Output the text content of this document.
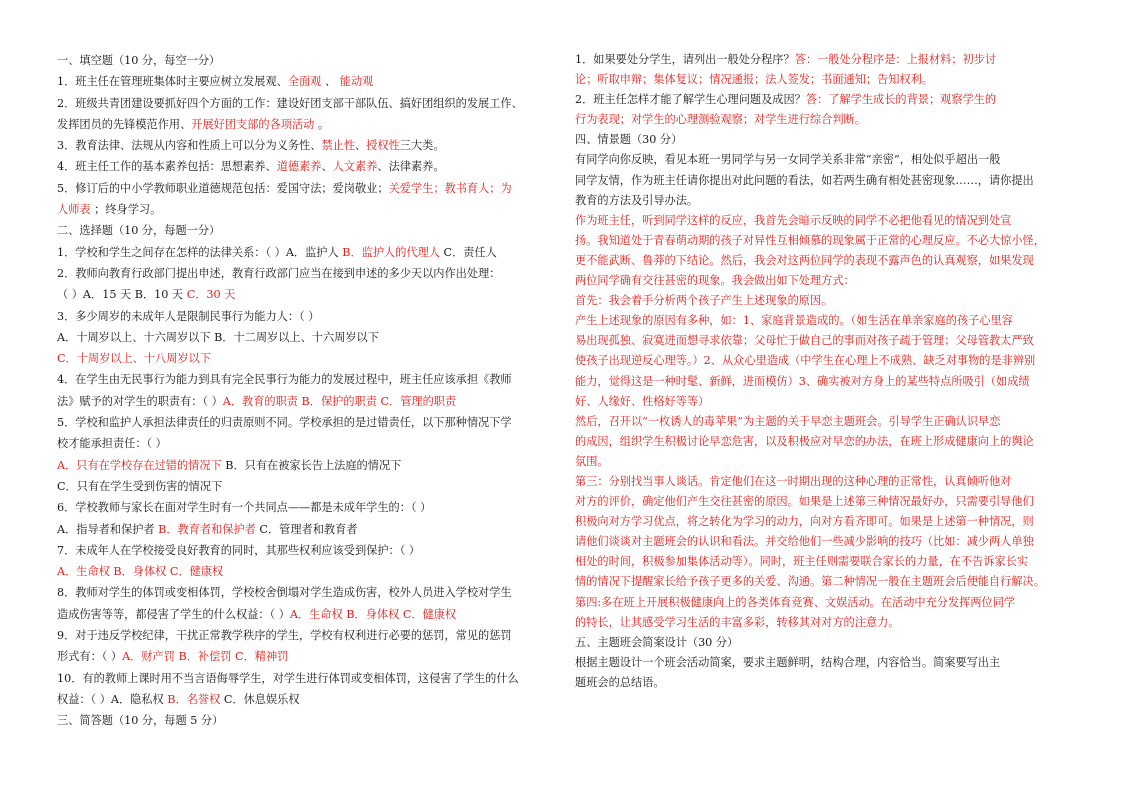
一、填空题（10 分，每空一分）
1．班主任在管理班集体时主要应树立发展观、全面观 、 能动观
2．班级共青团建设要抓好四个方面的工作：建设好团支部干部队伍、搞好团组织的发展工作、
发挥团员的先锋模范作用、开展好团支部的各项活动 。
3．教育法律、法规从内容和性质上可以分为义务性、禁止性、授权性三大类。
4．班主任工作的基本素养包括：思想素养、道德素养、人文素养、法律素养。
5．修订后的中小学教师职业道德规范包括：爱国守法；爱岗敬业；关爱学生；教书育人；为
人师表 ；终身学习。
二、选择题（10 分，每题一分）
1．学校和学生之间存在怎样的法律关系：（ ）A．监护人 B．监护人的代理人 C．责任人
2．教师向教育行政部门提出申述，教育行政部门应当在接到申述的多少天以内作出处理：
（ ）A．15 天 B．10 天 C．30 天
3．多少周岁的未成年人是限制民事行为能力人：（ ）
A．十周岁以上、十六周岁以下 B．十二周岁以上、十六周岁以下
C．十周岁以上、十八周岁以下
4．在学生由无民事行为能力到具有完全民事行为能力的发展过程中，班主任应该承担《教师
法》赋予的对学生的职责有：（ ）A．教育的职责 B．保护的职责 C．管理的职责
5．学校和监护人承担法律责任的归责原则不同。学校承担的是过错责任，以下那种情况下学
校才能承担责任：（ ）
A．只有在学校存在过错的情况下 B．只有在被家长告上法庭的情况下
C．只有在学生受到伤害的情况下
6．学校教师与家长在面对学生时有一个共同点——都是未成年学生的：（ ）
A．指导者和保护者 B．教育者和保护者 C．管理者和教育者
7．未成年人在学校接受良好教育的同时，其那些权利应该受到保护：（ ）
A．生命权 B．身体权 C．健康权
8．教师对学生的体罚或变相体罚，学校校舍倒塌对学生造成伤害，校外人员进入学校对学生
造成伤害等等，都侵害了学生的什么权益：（ ）A．生命权 B．身体权 C．健康权
9．对于违反学校纪律，干扰正常教学秩序的学生，学校有权利进行必要的惩罚，常见的惩罚
形式有：（ ）A．财产罚 B．补偿罚 C．精神罚
10．有的教师上课时用不当言语侮辱学生，对学生进行体罚或变相体罚，这侵害了学生的什么
权益：（ ）A．隐私权 B．名誉权 C．休息娱乐权
三、简答题（10 分，每题 5 分）
1．如果要处分学生，请列出一般处分程序？答：一般处分程序是：上报材料；初步讨
论；听取申辩；集体复议；情况通报；法人签发；书面通知；告知权利。
2．班主任怎样才能了解学生心理问题及成因？答：了解学生成长的背景；观察学生的
行为表现；对学生的心理测验观察；对学生进行综合判断。
四、情景题（30 分）
有同学向你反映，看见本班一男同学与另一女同学关系非常“亲密”，相处似乎超出一般
同学友情，作为班主任请你提出对此问题的看法，如若两生确有相处甚密现象……，请你提出
教育的方法及引导办法。
作为班主任，听到同学这样的反应，我首先会暗示反映的同学不必把他看见的情况到处宣
扬。我知道处于青春萌动期的孩子对异性互相倾慕的现象属于正常的心理反应。不必大惊小怪，
更不能武断、鲁莽的下结论。然后，我会对这两位同学的表现不露声色的认真观察，如果发现
两位同学确有交往甚密的现象。我会做出如下处理方式：
首先：我会着手分析两个孩子产生上述现象的原因。
产生上述现象的原因有多种，如：1、家庭背景造成的。（如生活在单亲家庭的孩子心里容
易出现孤独、寂寞进而想寻求依靠；父母忙于做自己的事而对孩子疏于管理；父母管教太严致
使孩子出现逆反心理等。）2、从众心里造成（中学生在心理上不成熟、缺乏对事物的是非辨别
能力，觉得这是一种时髦、新鲜，进而模仿）3、确实被对方身上的某些特点所吸引（如成绩
好、人缘好、性格好等等）
然后，召开以“一枚诱人的毒苹果”为主题的关于早恋主题班会。引导学生正确认识早恋
的成因，组织学生积极讨论早恋危害，以及积极应对早恋的办法，在班上形成健康向上的舆论
氛围。
第三：分别找当事人谈话。肯定他们在这一时期出现的这种心理的正常性，认真倾听他对
对方的评价，确定他们产生交往甚密的原因。如果是上述第三种情况最好办，只需要引导他们
积极向对方学习优点，将之转化为学习的动力，向对方看齐即可。如果是上述第一种情况，则
请他们谈谈对主题班会的认识和看法。并交给他们一些减少影响的技巧（比如：减少两人单独
相处的时间，积极参加集体活动等）。同时，班主任则需要联合家长的力量，在不告诉家长实
情的情况下提醒家长给予孩子更多的关爱、沟通。第二种情况一般在主题班会后便能自行解决。
第四:多在班上开展积极健康向上的各类体育竞赛、文娱活动。在活动中充分发挥两位同学
的特长，让其感受学习生活的丰富多彩，转移其对对方的注意力。
五、主题班会简案设计（30 分）
根据主题设计一个班会活动简案，要求主题鲜明，结构合理，内容恰当。简案要写出主
题班会的总结语。
